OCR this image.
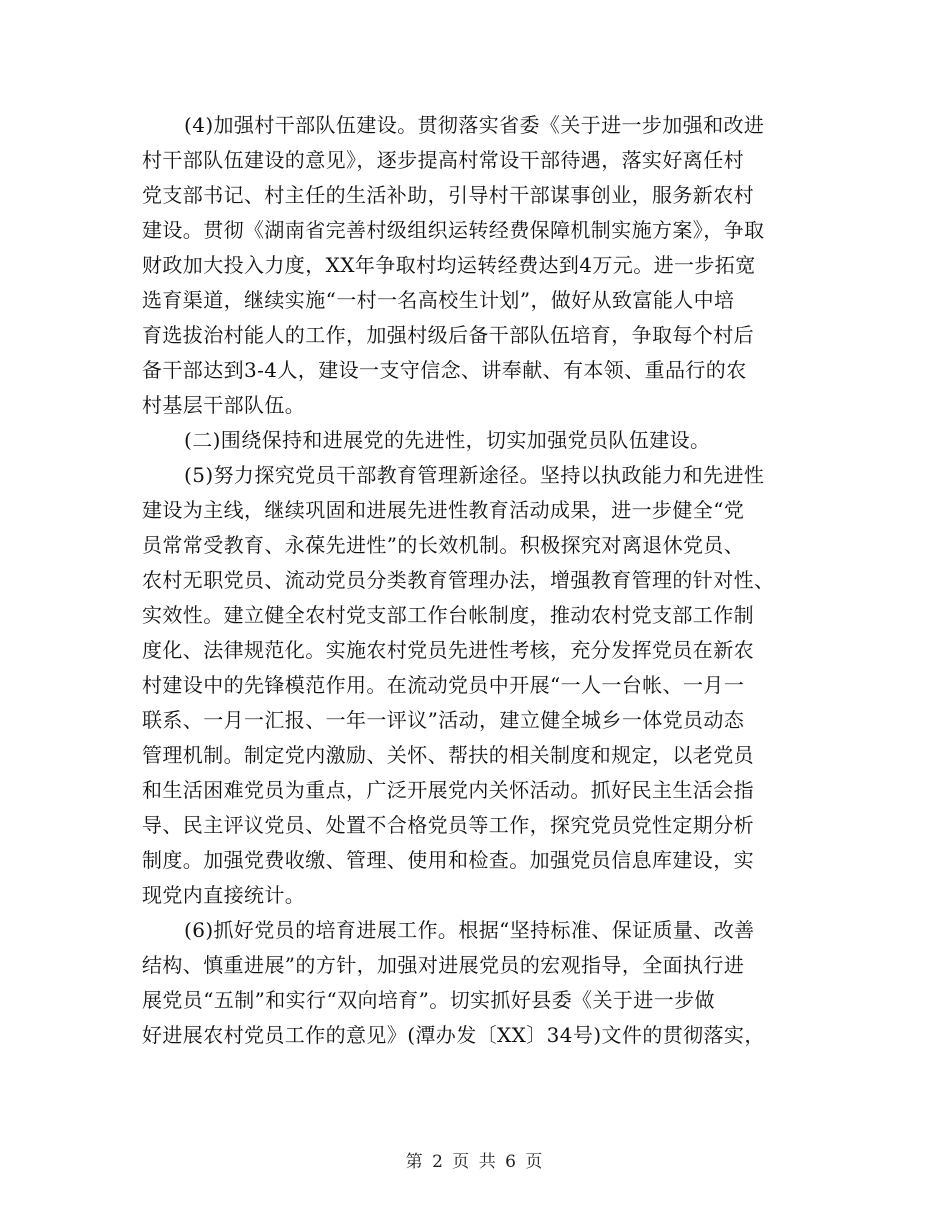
(4)加强村干部队伍建设。贯彻落实省委《关于进一步加强和改进
村干部队伍建设的意见》，逐步提高村常设干部待遇，落实好离任村
党支部书记、村主任的生活补助，引导村干部谋事创业，服务新农村
建设。贯彻《湖南省完善村级组织运转经费保障机制实施方案》，争取
财政加大投入力度，XX年争取村均运转经费达到4万元。进一步拓宽
选育渠道，继续实施“一村一名高校生计划”，做好从致富能人中培
育选拔治村能人的工作，加强村级后备干部队伍培育，争取每个村后
备干部达到3-4人，建设一支守信念、讲奉献、有本领、重品行的农
村基层干部队伍。
(二)围绕保持和进展党的先进性，切实加强党员队伍建设。
(5)努力探究党员干部教育管理新途径。坚持以执政能力和先进性
建设为主线，继续巩固和进展先进性教育活动成果，进一步健全“党
员常常受教育、永葆先进性”的长效机制。积极探究对离退休党员、
农村无职党员、流动党员分类教育管理办法，增强教育管理的针对性、
实效性。建立健全农村党支部工作台帐制度，推动农村党支部工作制
度化、法律规范化。实施农村党员先进性考核，充分发挥党员在新农
村建设中的先锋模范作用。在流动党员中开展“一人一台帐、一月一
联系、一月一汇报、一年一评议”活动，建立健全城乡一体党员动态
管理机制。制定党内激励、关怀、帮扶的相关制度和规定，以老党员
和生活困难党员为重点，广泛开展党内关怀活动。抓好民主生活会指
导、民主评议党员、处置不合格党员等工作，探究党员党性定期分析
制度。加强党费收缴、管理、使用和检查。加强党员信息库建设，实
现党内直接统计。
(6)抓好党员的培育进展工作。根据“坚持标准、保证质量、改善
结构、慎重进展”的方针，加强对进展党员的宏观指导，全面执行进
展党员“五制”和实行“双向培育”。切实抓好县委《关于进一步做
好进展农村党员工作的意见》(潭办发〔XX〕34号)文件的贯彻落实，
第 2 页 共 6 页
